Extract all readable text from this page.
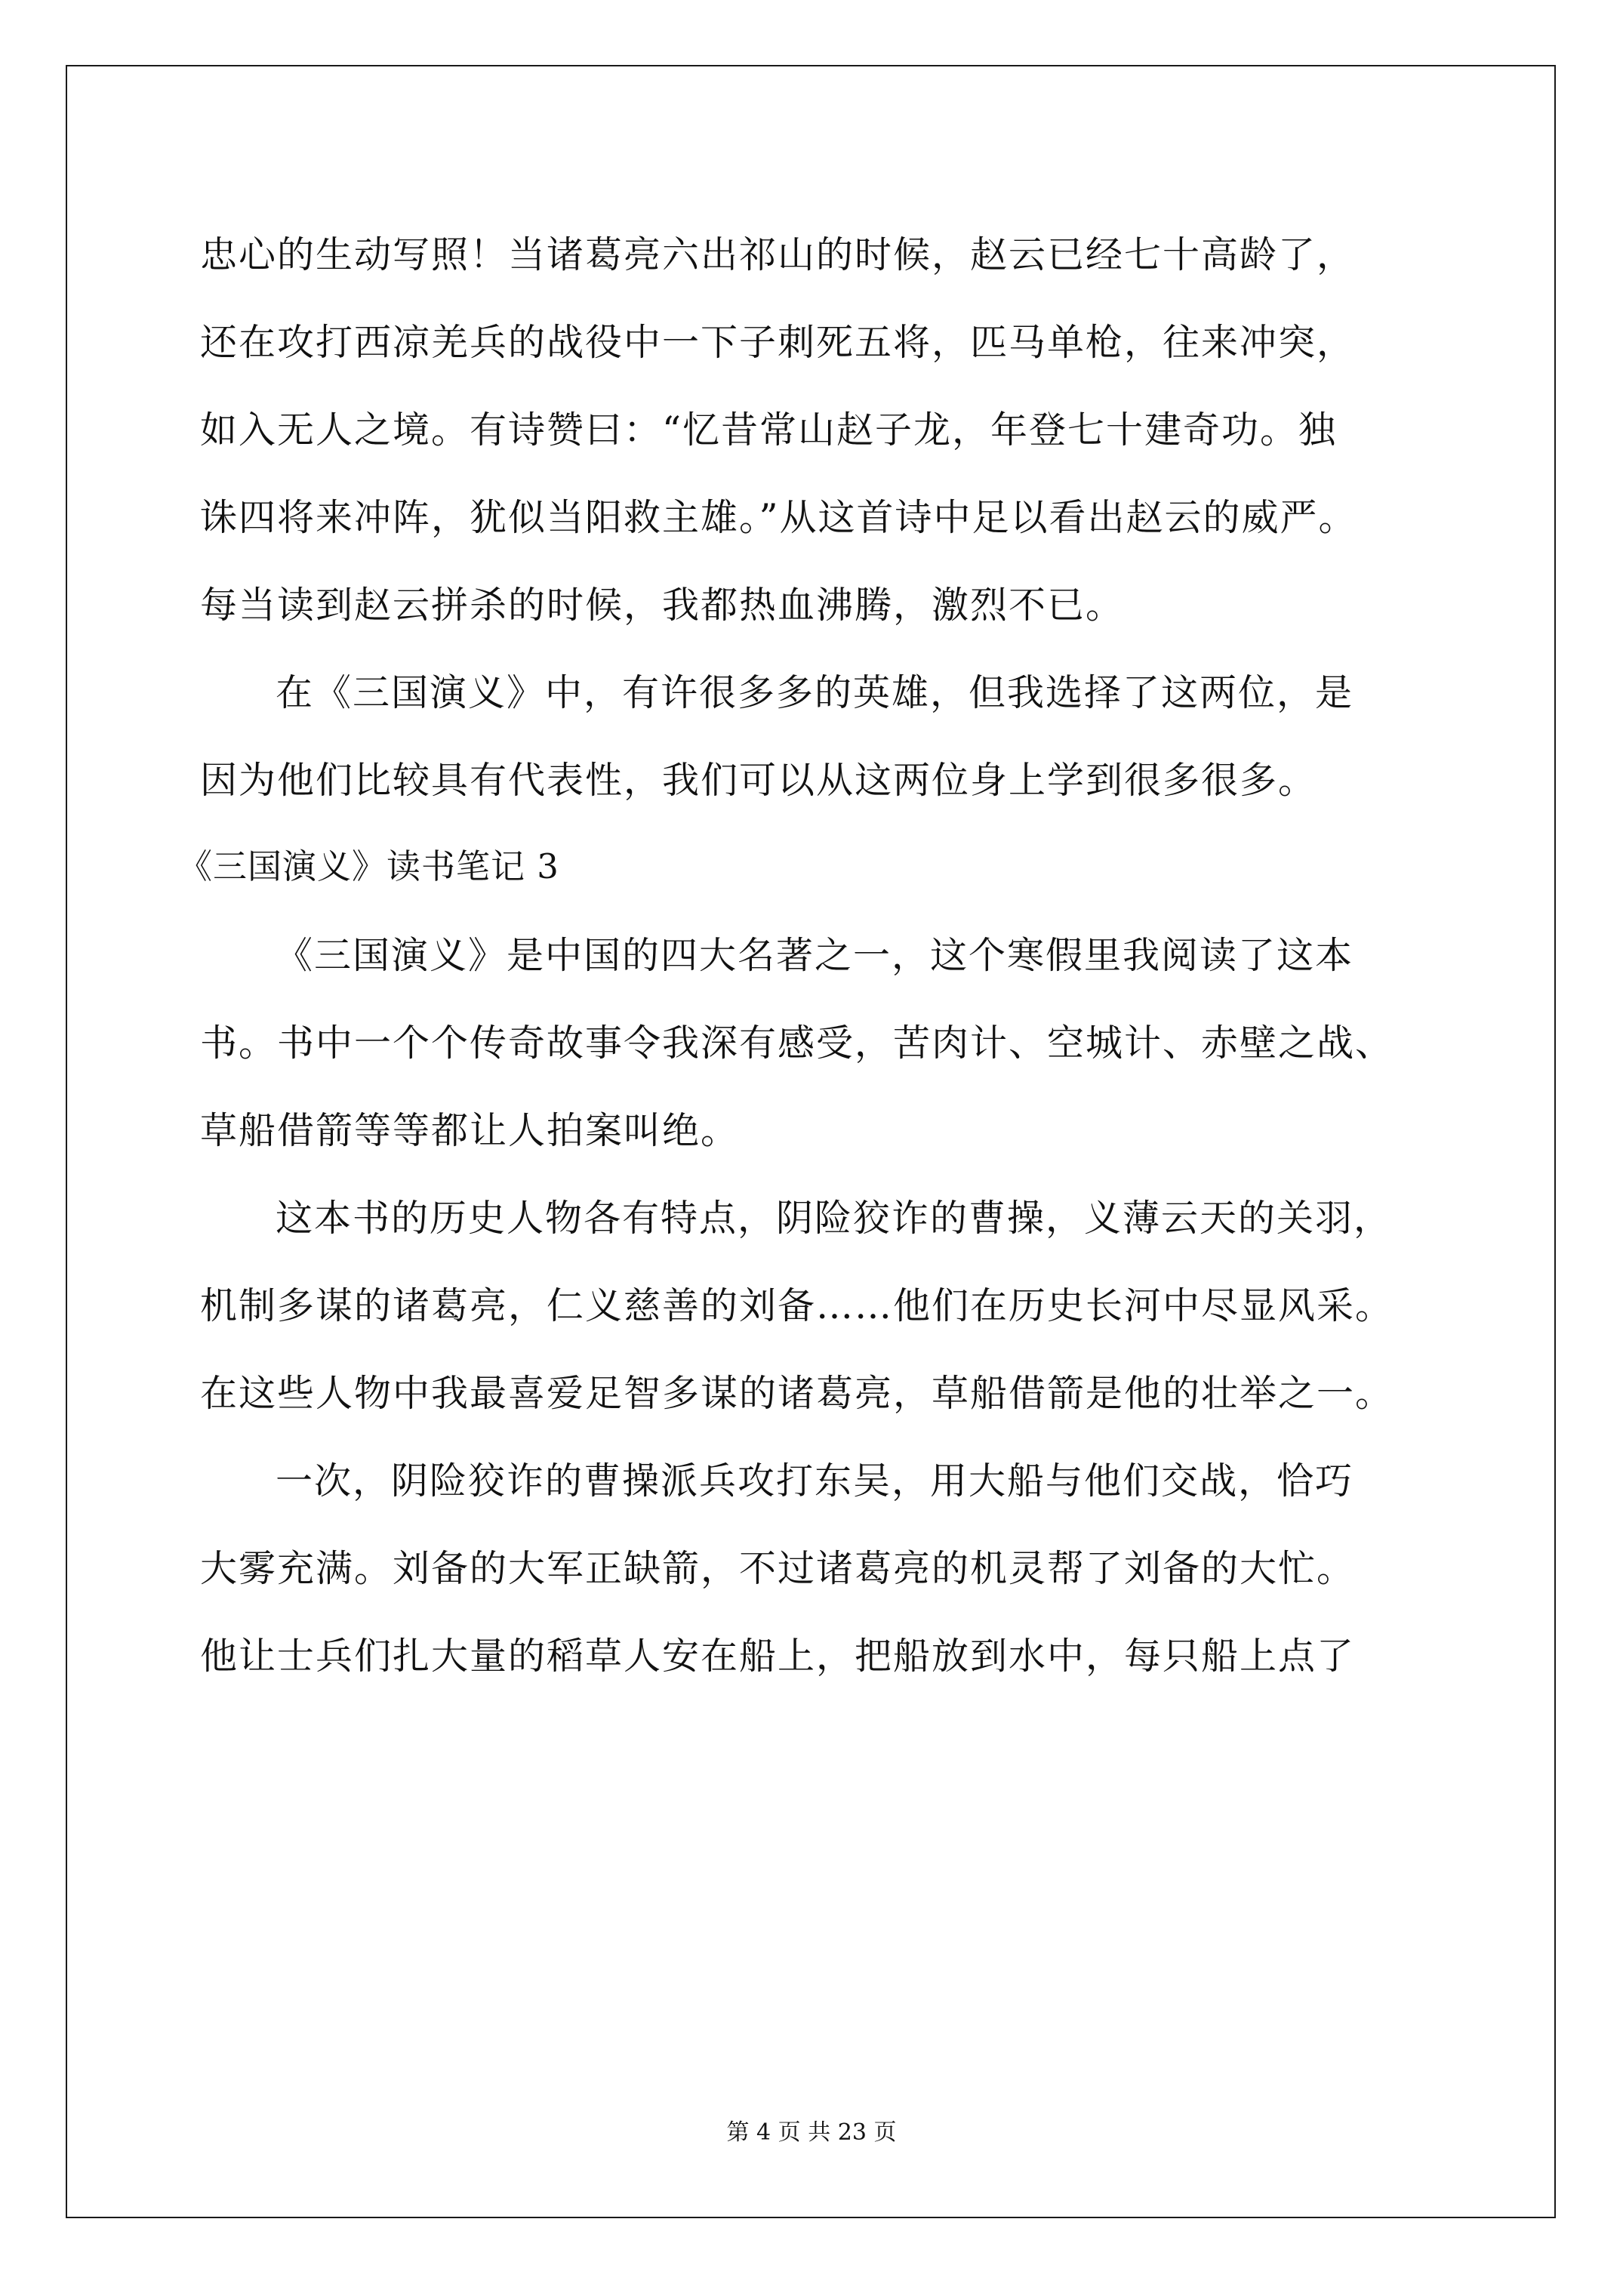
忠心的生动写照！当诸葛亮六出祁山的时候，赵云已经七十高龄了，
还在攻打西凉羌兵的战役中一下子刺死五将，匹马单枪，往来冲突，
如入无人之境。有诗赞曰：“忆昔常山赵子龙，年登七十建奇功。独
诛四将来冲阵，犹似当阳救主雄。”从这首诗中足以看出赵云的威严。
每当读到赵云拼杀的时候，我都热血沸腾，激烈不已。
在《三国演义》中，有许很多多的英雄，但我选择了这两位，是
因为他们比较具有代表性，我们可以从这两位身上学到很多很多。
《三国演义》读书笔记 3
《三国演义》是中国的四大名著之一，这个寒假里我阅读了这本
书。书中一个个传奇故事令我深有感受，苦肉计、空城计、赤壁之战、
草船借箭等等都让人拍案叫绝。
这本书的历史人物各有特点，阴险狡诈的曹操，义薄云天的关羽，
机制多谋的诸葛亮，仁义慈善的刘备……他们在历史长河中尽显风采。
在这些人物中我最喜爱足智多谋的诸葛亮，草船借箭是他的壮举之一。
一次，阴险狡诈的曹操派兵攻打东吴，用大船与他们交战，恰巧
大雾充满。刘备的大军正缺箭，不过诸葛亮的机灵帮了刘备的大忙。
他让士兵们扎大量的稻草人安在船上，把船放到水中，每只船上点了
第 4 页 共 23 页
